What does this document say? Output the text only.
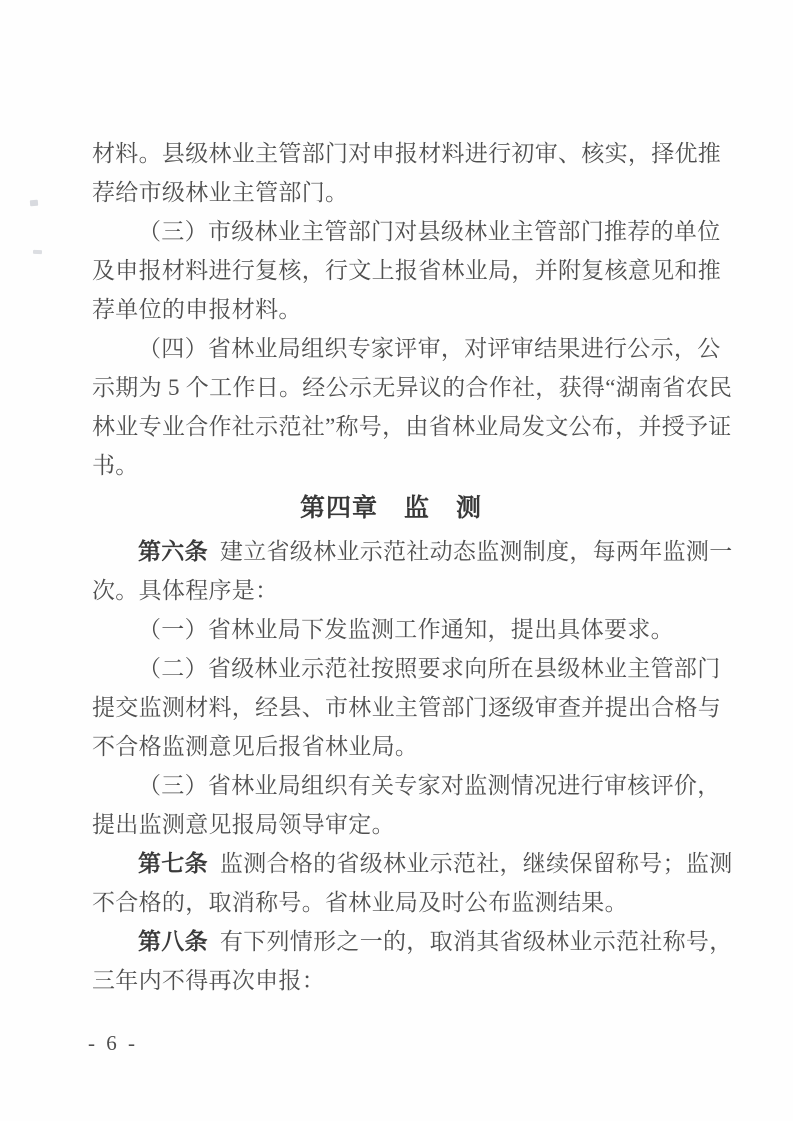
材料。县级林业主管部门对申报材料进行初审、核实，择优推
荐给市级林业主管部门。
（三）市级林业主管部门对县级林业主管部门推荐的单位
及申报材料进行复核，行文上报省林业局，并附复核意见和推
荐单位的申报材料。
（四）省林业局组织专家评审，对评审结果进行公示，公
示期为 5 个工作日。经公示无异议的合作社，获得“湖南省农民
林业专业合作社示范社”称号，由省林业局发文公布，并授予证
书。
第四章　监　测
第六条 建立省级林业示范社动态监测制度，每两年监测一
次。具体程序是：
（一）省林业局下发监测工作通知，提出具体要求。
（二）省级林业示范社按照要求向所在县级林业主管部门
提交监测材料，经县、市林业主管部门逐级审查并提出合格与
不合格监测意见后报省林业局。
（三）省林业局组织有关专家对监测情况进行审核评价，
提出监测意见报局领导审定。
第七条 监测合格的省级林业示范社，继续保留称号；监测
不合格的，取消称号。省林业局及时公布监测结果。
第八条 有下列情形之一的，取消其省级林业示范社称号，
三年内不得再次申报：
- 6 -
